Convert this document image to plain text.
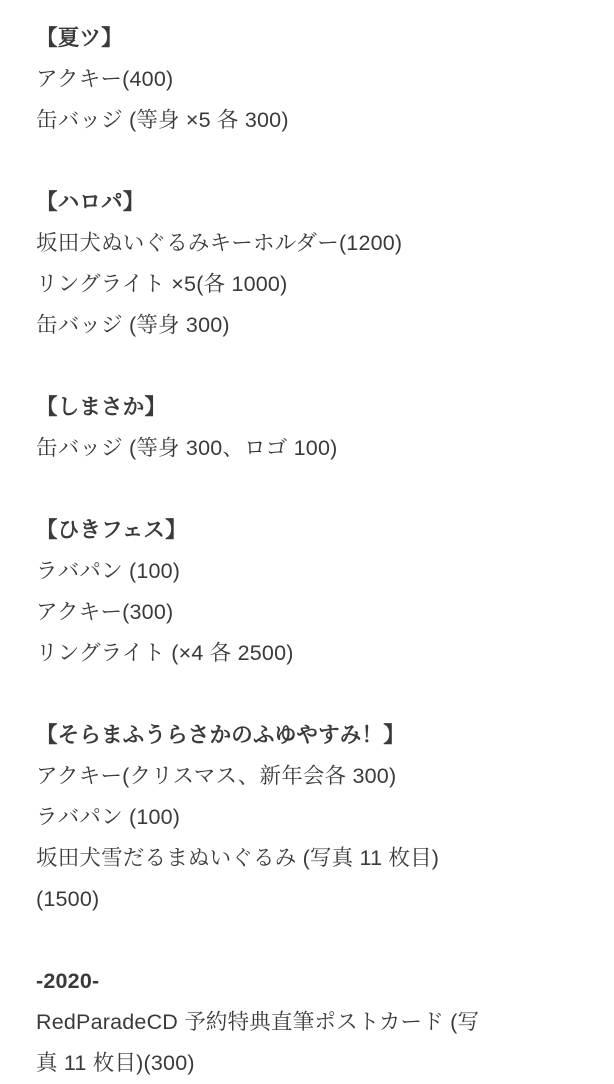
【夏ツ】
アクキー(400)
缶バッジ (等身 ×5 各 300)
【ハロパ】
坂田犬ぬいぐるみキーホルダー(1200)
リングライト ×5(各 1000)
缶バッジ (等身 300)
【しまさか】
缶バッジ (等身 300、ロゴ 100)
【ひきフェス】
ラバパン (100)
アクキー(300)
リングライト (×4 各 2500)
【そらまふうらさかのふゆやすみ！】
アクキー(クリスマス、新年会各 300)
ラバパン (100)
坂田犬雪だるまぬいぐるみ (写真 11 枚目)
(1500)
-2020-
RedParadeCD 予約特典直筆ポストカード (写
真 11 枚目)(300)
